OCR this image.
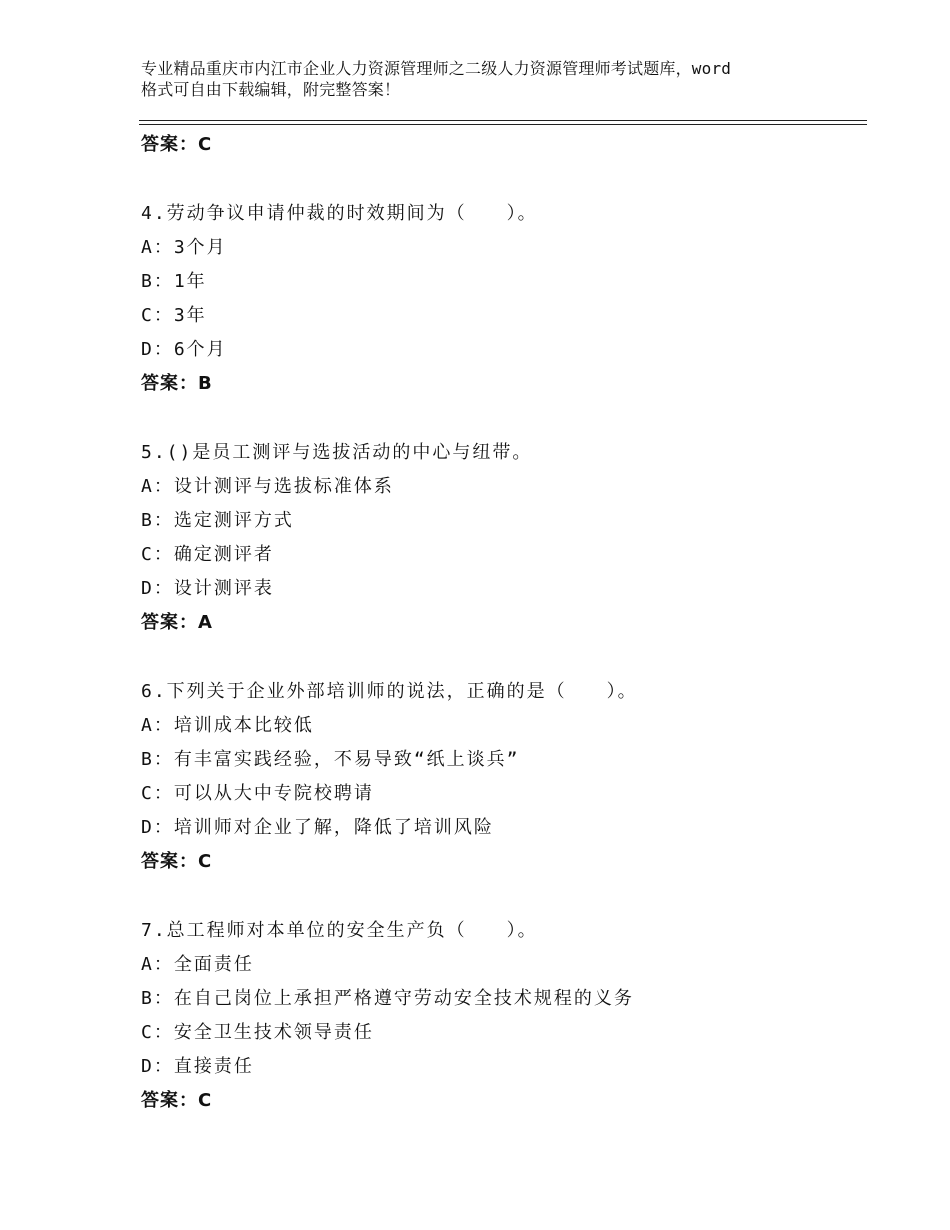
专业精品重庆市内江市企业人力资源管理师之二级人力资源管理师考试题库，word
格式可自由下载编辑，附完整答案！
答案：C
4.劳动争议申请仲裁的时效期间为（　　）。
A：3个月
B：1年
C：3年
D：6个月
答案：B
5.()是员工测评与选拔活动的中心与纽带。
A：设计测评与选拔标准体系
B：选定测评方式
C：确定测评者
D：设计测评表
答案：A
6.下列关于企业外部培训师的说法，正确的是（　　）。
A：培训成本比较低
B：有丰富实践经验，不易导致“纸上谈兵”
C：可以从大中专院校聘请
D：培训师对企业了解，降低了培训风险
答案：C
7.总工程师对本单位的安全生产负（　　）。
A：全面责任
B：在自己岗位上承担严格遵守劳动安全技术规程的义务
C：安全卫生技术领导责任
D：直接责任
答案：C
